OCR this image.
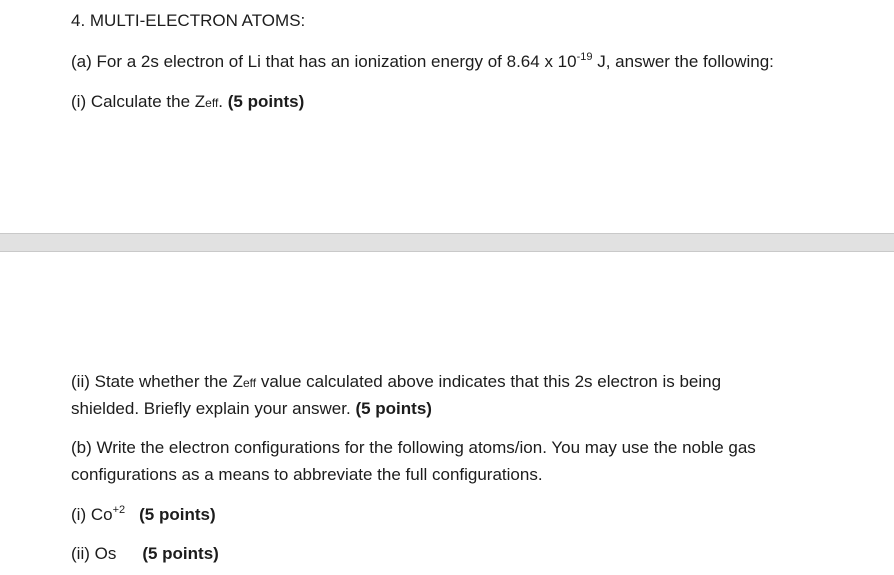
4. MULTI-ELECTRON ATOMS:
(a) For a 2s electron of Li that has an ionization energy of 8.64 x $10^{-19}$ J, answer the following:
(i) Calculate the Zeff. (5 points)
(ii) State whether the Zeff value calculated above indicates that this 2s electron is being
shielded. Briefly explain your answer. (5 points)
(b) Write the electron configurations for the following atoms/ion. You may use the noble gas
configurations as a means to abbreviate the full configurations.
(i) $Co^{+2}$ (5 points)
(ii) Os (5 points)
